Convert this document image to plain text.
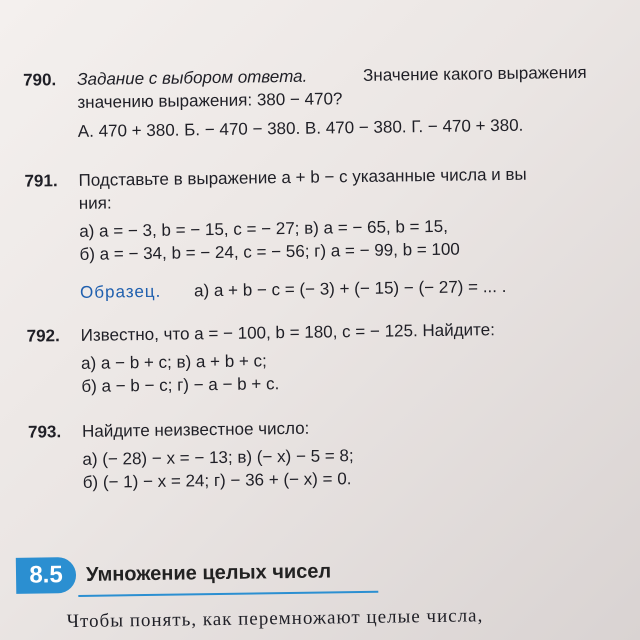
790. Задание с выбором ответа.	Значение какого выражения
значению выражения: 380 − 470?
А. 470 + 380. Б. − 470 − 380. В. 470 − 380. Г. − 470 + 380.
791. Подставьте в выражение a + b − c указанные числа и вы
ния:
а) a = − 3, b = − 15, c = − 27; в) a = − 65, b = 15,
б) a = − 34, b = − 24, c = − 56; г) a = − 99, b = 100
Образец. а) a + b − c = (− 3) + (− 15) − (− 27) = ... .
792. Известно, что a = − 100, b = 180, c = − 125. Найдите:
а) a − b + c; в) a + b + c;
б) a − b − c; г) − a − b + c.
793. Найдите неизвестное число:
а) (− 28) − x = − 13; в) (− x) − 5 = 8;
б) (− 1) − x = 24; г) − 36 + (− x) = 0.
8.5	Умножение целых чисел
Чтобы понять, как перемножают целые числа,
